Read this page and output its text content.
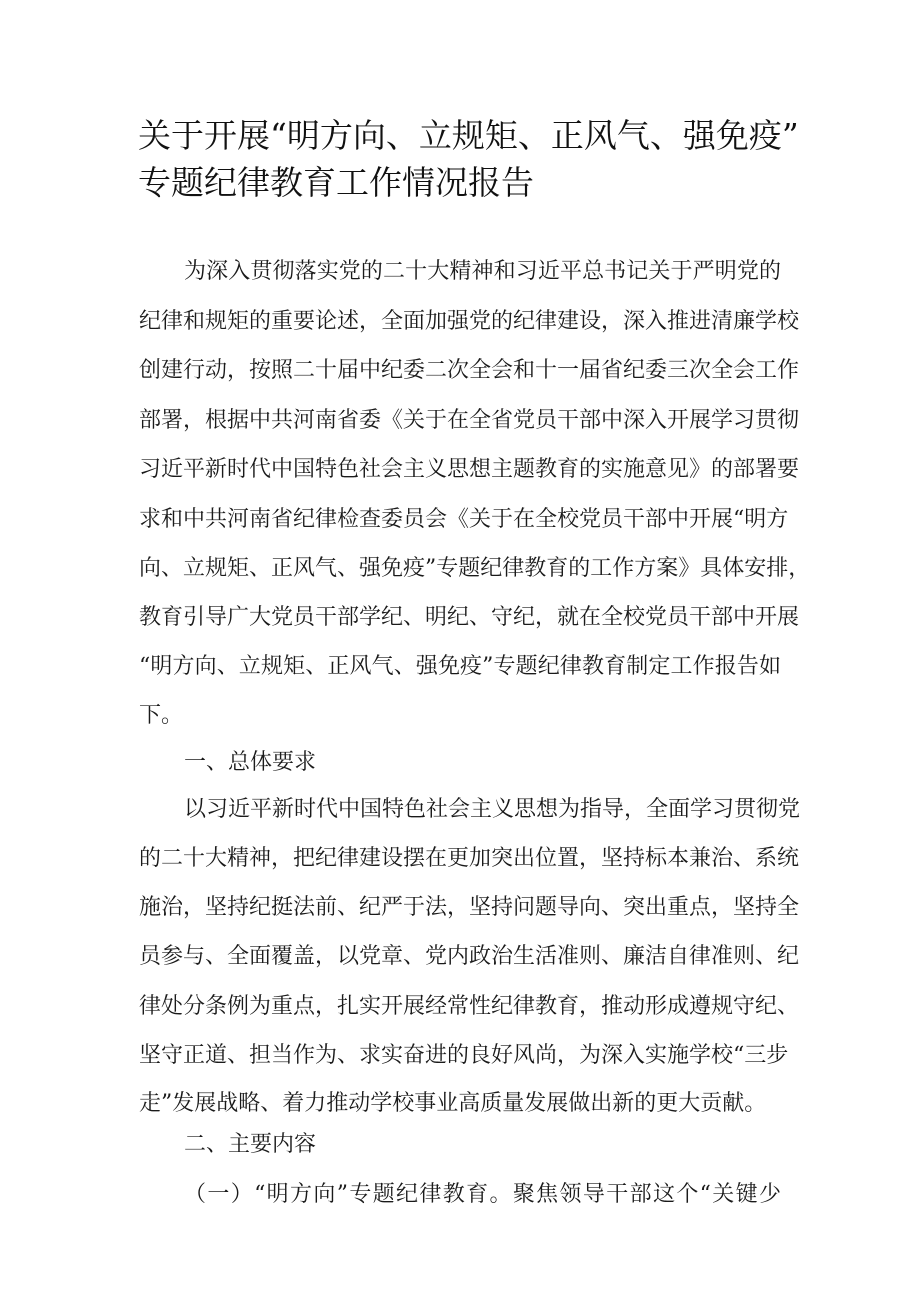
关于开展“明方向、立规矩、正风气、强免疫”
专题纪律教育工作情况报告
为深入贯彻落实党的二十大精神和习近平总书记关于严明党的
纪律和规矩的重要论述，全面加强党的纪律建设，深入推进清廉学校
创建行动，按照二十届中纪委二次全会和十一届省纪委三次全会工作
部署，根据中共河南省委《关于在全省党员干部中深入开展学习贯彻
习近平新时代中国特色社会主义思想主题教育的实施意见》的部署要
求和中共河南省纪律检查委员会《关于在全校党员干部中开展“明方
向、立规矩、正风气、强免疫”专题纪律教育的工作方案》具体安排，
教育引导广大党员干部学纪、明纪、守纪，就在全校党员干部中开展
“明方向、立规矩、正风气、强免疫”专题纪律教育制定工作报告如
下。
一、总体要求
以习近平新时代中国特色社会主义思想为指导，全面学习贯彻党
的二十大精神，把纪律建设摆在更加突出位置，坚持标本兼治、系统
施治，坚持纪挺法前、纪严于法，坚持问题导向、突出重点，坚持全
员参与、全面覆盖，以党章、党内政治生活准则、廉洁自律准则、纪
律处分条例为重点，扎实开展经常性纪律教育，推动形成遵规守纪、
坚守正道、担当作为、求实奋进的良好风尚，为深入实施学校“三步
走”发展战略、着力推动学校事业高质量发展做出新的更大贡献。
二、主要内容
（一）“明方向”专题纪律教育。聚焦领导干部这个“关键少
